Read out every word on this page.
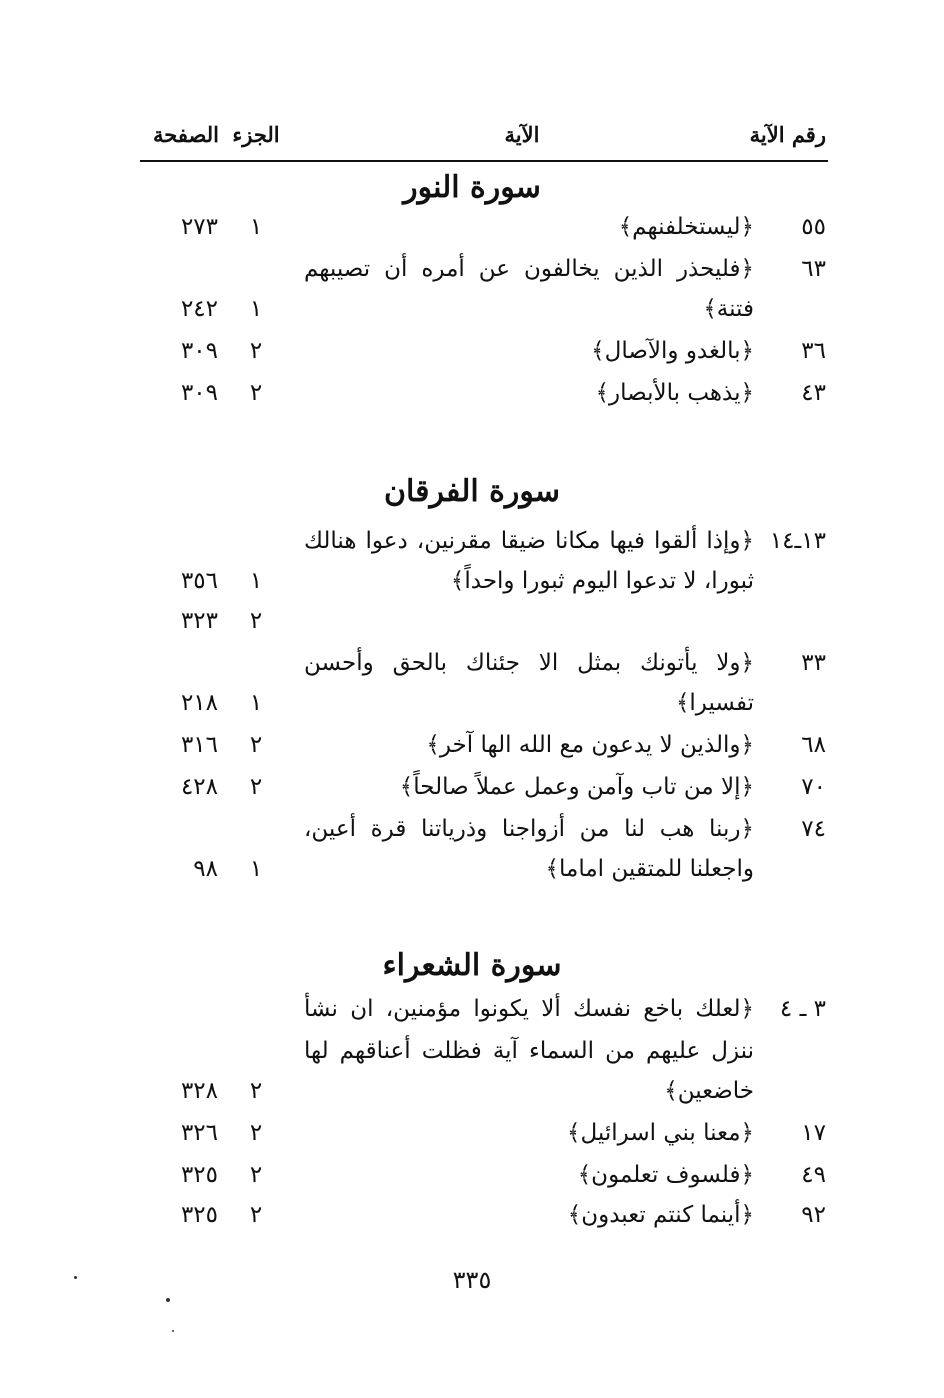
رقم الآية
الآية
الجزء
الصفحة
سورة النور
٥٥
﴿ليستخلفنهم﴾
١
٢٧٣
٦٣
﴿فليحذر الذين يخالفون عن أمره أن تصيبهم
فتنة﴾
١
٢٤٢
٣٦
﴿بالغدو والآصال﴾
٢
٣٠٩
٤٣
﴿يذهب بالأبصار﴾
٢
٣٠٩
سورة الفرقان
١٣ـ١٤
﴿وإذا ألقوا فيها مكانا ضيقا مقرنين، دعوا هنالك
ثبورا، لا تدعوا اليوم ثبورا واحداً﴾
١
٣٥٦
٢
٣٢٣
٣٣
﴿ولا يأتونك بمثل الا جئناك بالحق وأحسن
تفسيرا﴾
١
٢١٨
٦٨
﴿والذين لا يدعون مع الله الها آخر﴾
٢
٣١٦
٧٠
﴿إلا من تاب وآمن وعمل عملاً صالحاً﴾
٢
٤٢٨
٧٤
﴿ربنا هب لنا من أزواجنا وذرياتنا قرة أعين،
واجعلنا للمتقين اماما﴾
١
٩٨
سورة الشعراء
٣ ـ ٤
﴿لعلك باخع نفسك ألا يكونوا مؤمنين، ان نشأ
ننزل عليهم من السماء آية فظلت أعناقهم لها
خاضعين﴾
٢
٣٢٨
١٧
﴿معنا بني اسرائيل﴾
٢
٣٢٦
٤٩
﴿فلسوف تعلمون﴾
٢
٣٢٥
٩٢
﴿أينما كنتم تعبدون﴾
٢
٣٢٥
٣٣٥
